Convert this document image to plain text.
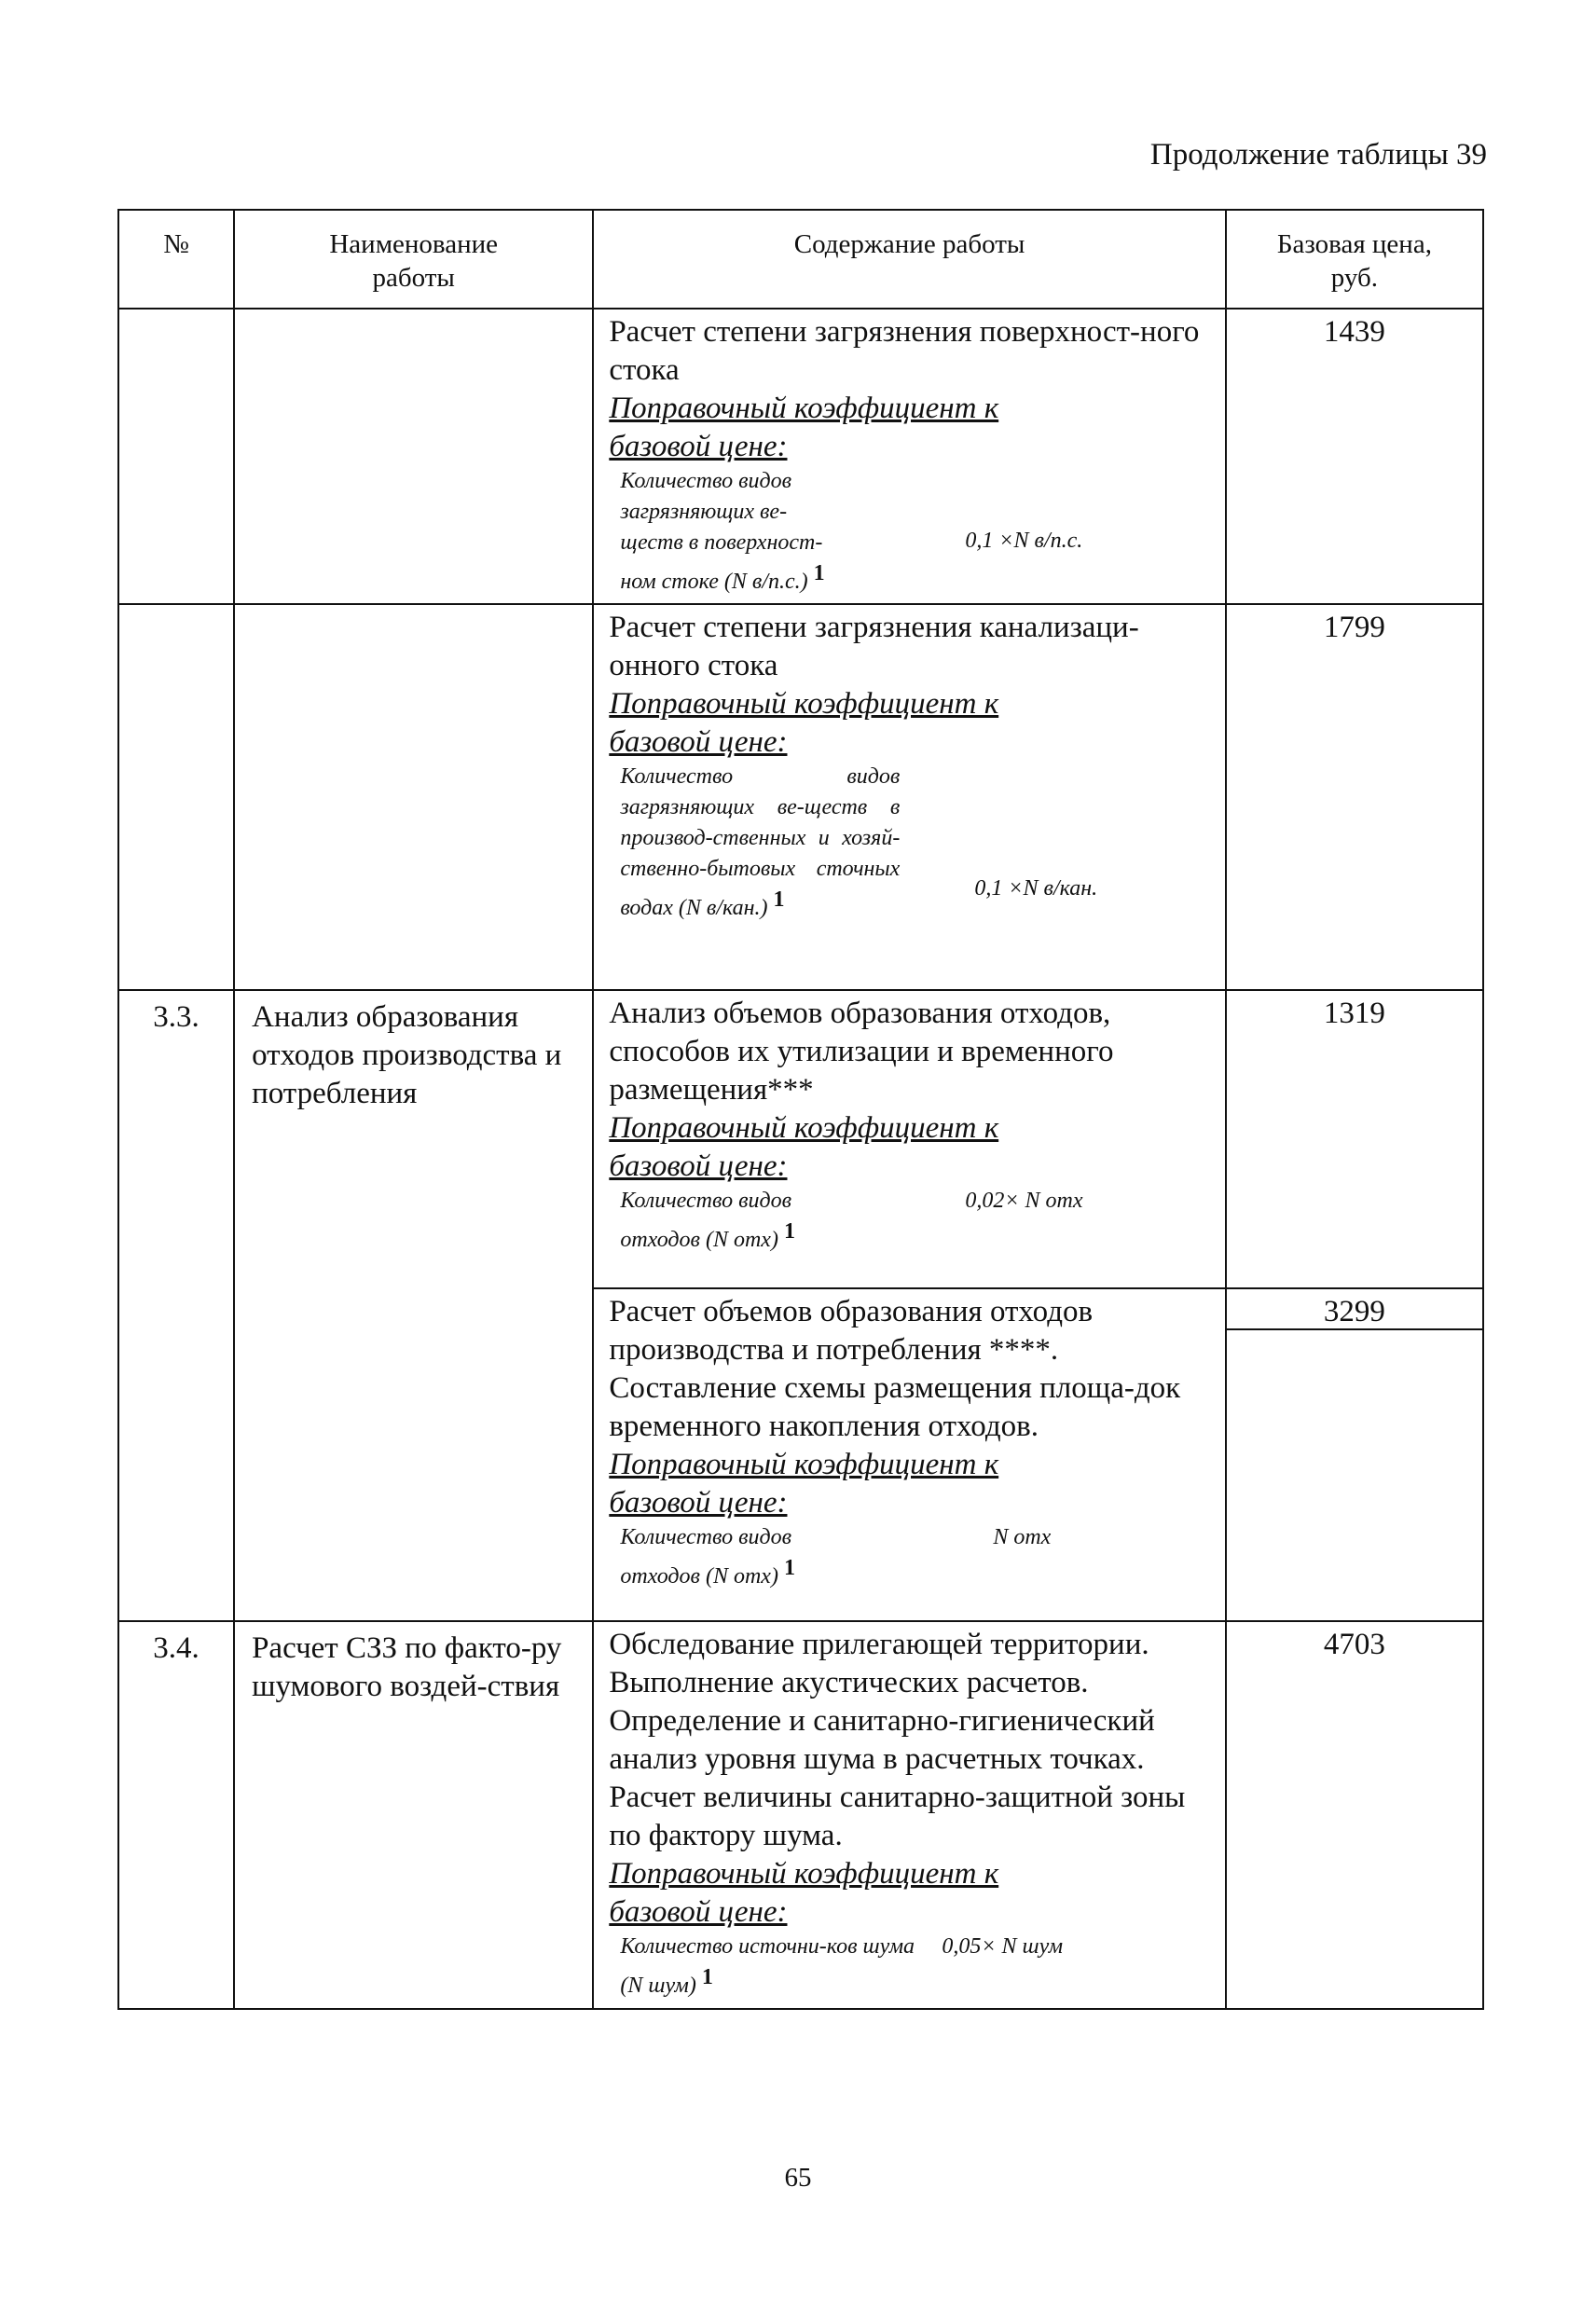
Продолжение таблицы 39
№	Наименование работы	Содержание работы	Базовая цена, руб.

		Расчет степени загрязнения поверхност-ного стока
Поправочный коэффициент к базовой цене:
Количество видов загрязняющих ве-ществ в поверхност-ном стоке (N в/п.с.) 1
0,1 ×N в/п.с.	1439

		Расчет степени загрязнения канализаци-онного стока
Поправочный коэффициент к базовой цене:
Количество видов загрязняющих ве-ществ в производ-ственных и хозяй-ственно-бытовых сточных водах (N в/кан.) 1 0,1 ×N в/кан.	1799
3.3.	Анализ образования отходов производства и потребления	Анализ объемов образования отходов, способов их утилизации и временного размещения***
Поправочный коэффициент к базовой цене:
Количество видов отходов (N отх) 1
0,02× N отх	1319

		Расчет объемов образования отходов производства и потребления ****. Составление схемы размещения площа-док временного накопления отходов.
Поправочный коэффициент к базовой цене:
Количество видов отходов (N отх) 1
N отх	3299

3.4.	Расчет СЗЗ по факто-ру шумового воздей-ствия	Обследование прилегающей территории. Выполнение акустических расчетов. Определение и санитарно-гигиенический анализ уровня шума в расчетных точках. Расчет величины санитарно-защитной зоны по фактору шума.
Поправочный коэффициент к базовой цене:
Количество источни-ков шума (N шум) 1
0,05× N шум	4703
65
